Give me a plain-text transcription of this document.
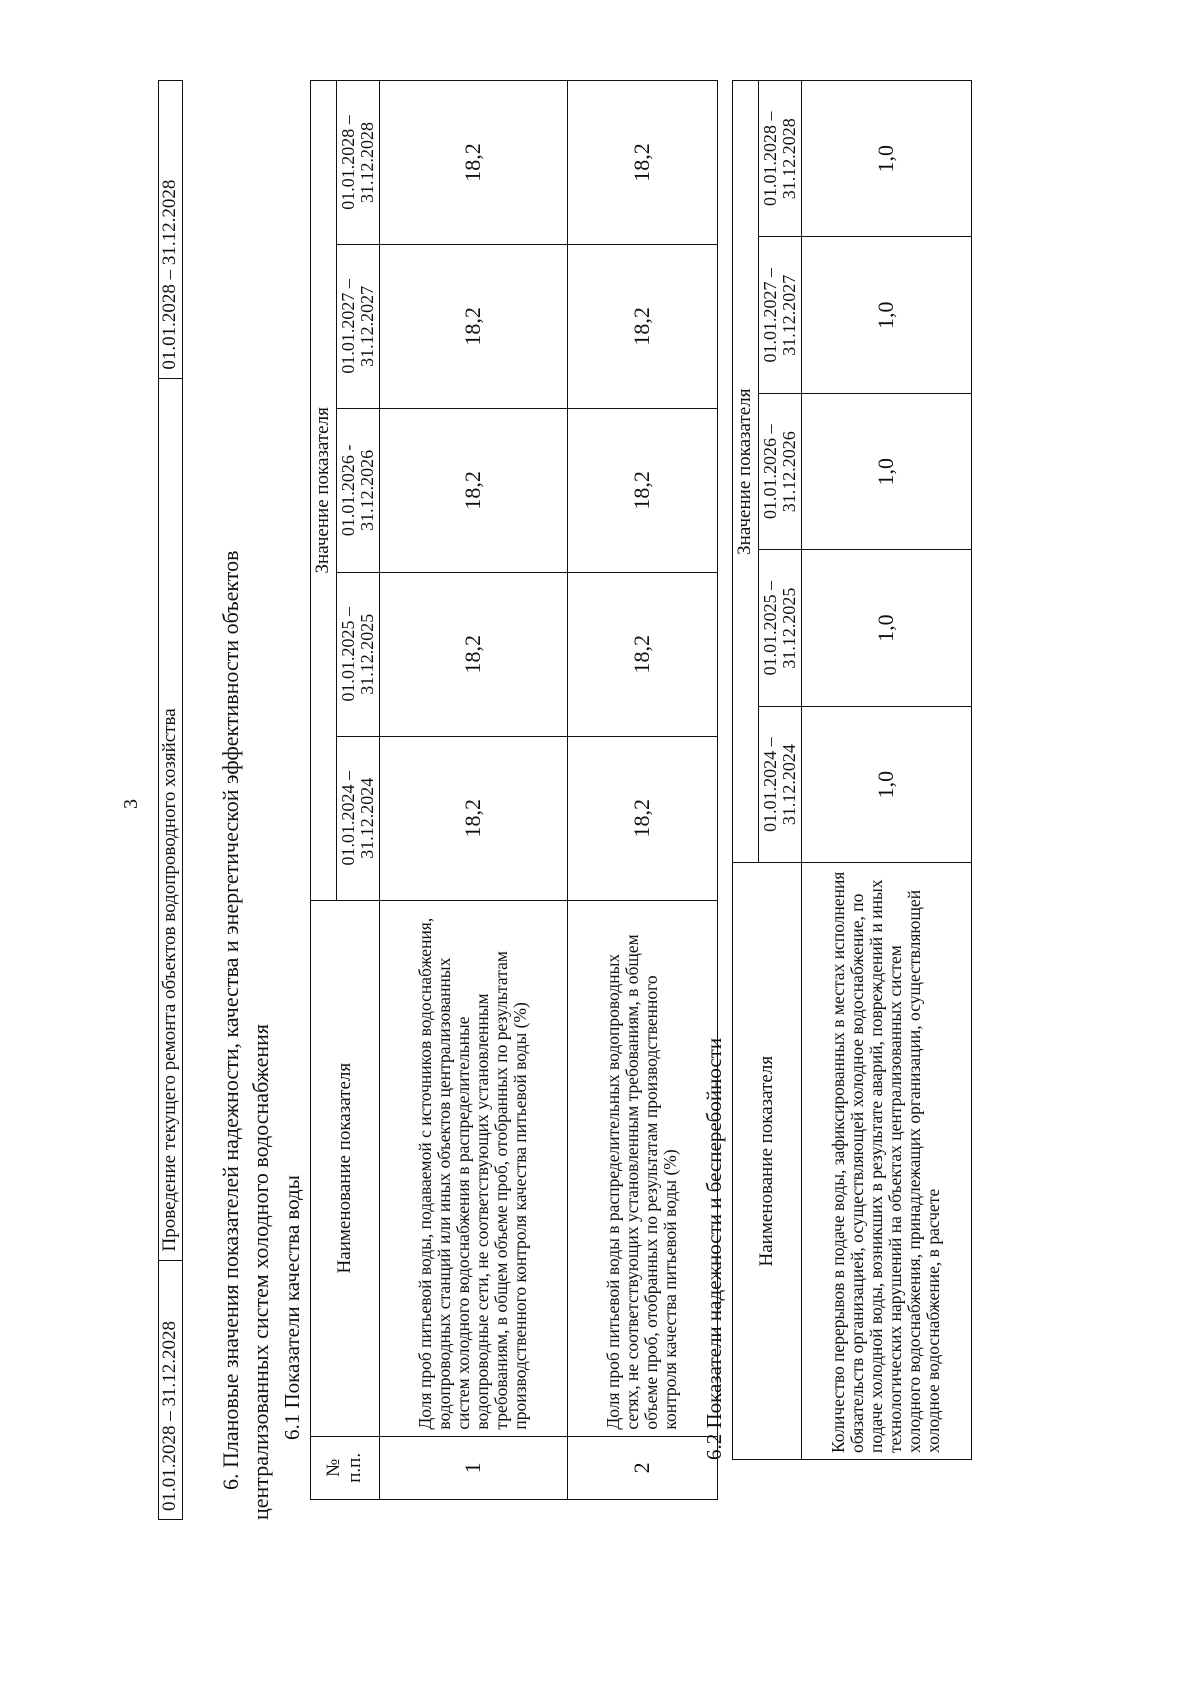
3
01.01.2028 – 31.12.2028	Проведение текущего ремонта объектов водопроводного хозяйства	01.01.2028 – 31.12.2028
6. Плановые значения показателей надежности, качества и энергетической эффективности объектов централизованных систем холодного водоснабжения 6.1 Показатели качества воды
№ п.п.	Наименование показателя	Значение показателя				
		01.01.2024 – 31.12.2024	01.01.2025 – 31.12.2025	01.01.2026 - 31.12.2026	01.01.2027 – 31.12.2027	01.01.2028 – 31.12.2028
1	Доля проб питьевой воды, подаваемой с источников водоснабжения, водопроводных станций или иных объектов централизованных систем холодного водоснабжения в распределительные водопроводные сети, не соответствующих установленным требованиям, в общем объеме проб, отобранных по результатам производственного контроля качества питьевой воды (%)	18,2	18,2	18,2	18,2	18,2
2	Доля проб питьевой воды в распределительных водопроводных сетях, не соответствующих установленным требованиям, в общем объеме проб, отобранных по результатам производственного контроля качества питьевой воды (%)	18,2	18,2	18,2	18,2	18,2
6.2 Показатели надежности и бесперебойности Наименование показателя	Значение показателя				
	01.01.2024 – 31.12.2024	01.01.2025 – 31.12.2025	01.01.2026 – 31.12.2026	01.01.2027 – 31.12.2027	01.01.2028 – 31.12.2028
Количество перерывов в подаче воды, зафиксированных в местах исполнения обязательств организацией, осуществляющей холодное водоснабжение, по подаче холодной воды, возникших в результате аварий, повреждений и иных технологических нарушений на объектах централизованных систем холодного водоснабжения, принадлежащих организации, осуществляющей холодное водоснабжение, в расчете	1,0	1,0	1,0	1,0	1,0
